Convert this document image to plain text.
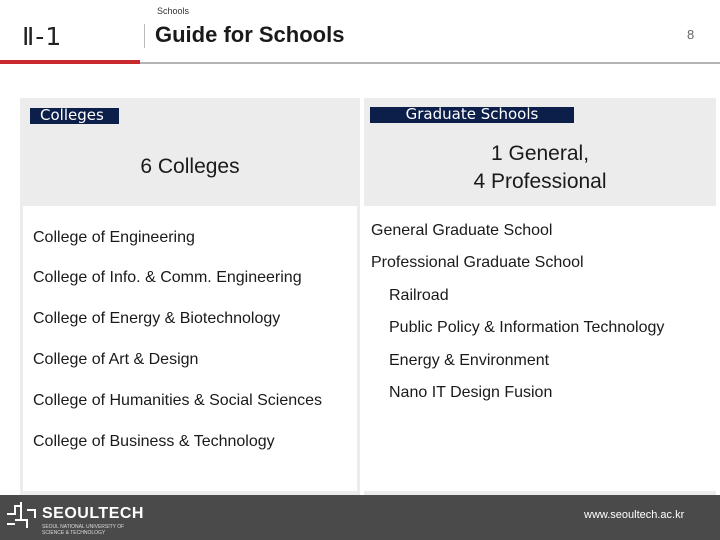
Ⅱ-1
Schools
Guide for Schools	8
Colleges
6 Colleges
College of Engineering
College of Info. & Comm. Engineering
College of Energy & Biotechnology
College of Art & Design
College of Humanities & Social Sciences
College of Business & Technology
Graduate Schools
1 General,
4 Professional
General Graduate School
Professional Graduate School
Railroad
Public Policy & Information Technology
Energy & Environment
Nano IT Design Fusion
SEOULTECH
SEOUL NATIONAL UNIVERSITY OF SCIENCE & TECHNOLOGY
www.seoultech.ac.kr
